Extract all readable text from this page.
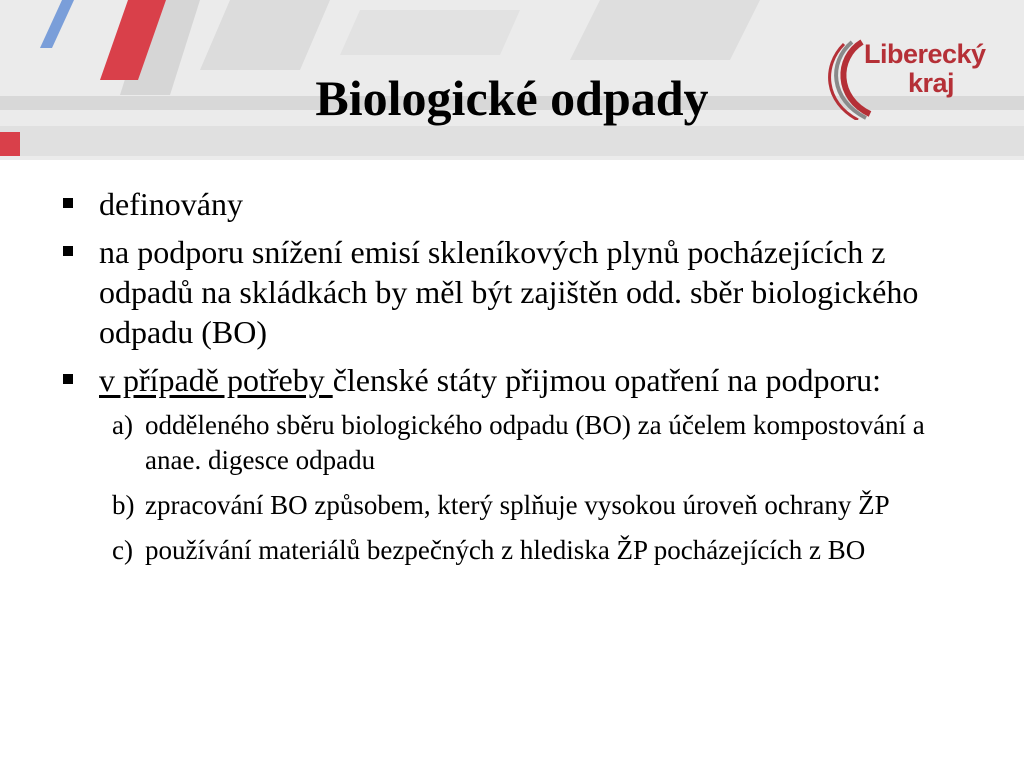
Biologické odpady
Liberecký
kraj
definovány
na podporu snížení emisí skleníkových plynů pocházejících z odpadů na skládkách by měl být zajištěn odd. sběr biologického odpadu (BO)
v případě potřeby členské státy přijmou opatření na podporu:
a) odděleného sběru biologického odpadu (BO) za účelem kompostování a anae. digesce odpadu
b) zpracování BO způsobem, který splňuje vysokou úroveň ochrany ŽP
c) používání materiálů bezpečných z hlediska ŽP pocházejících z BO
